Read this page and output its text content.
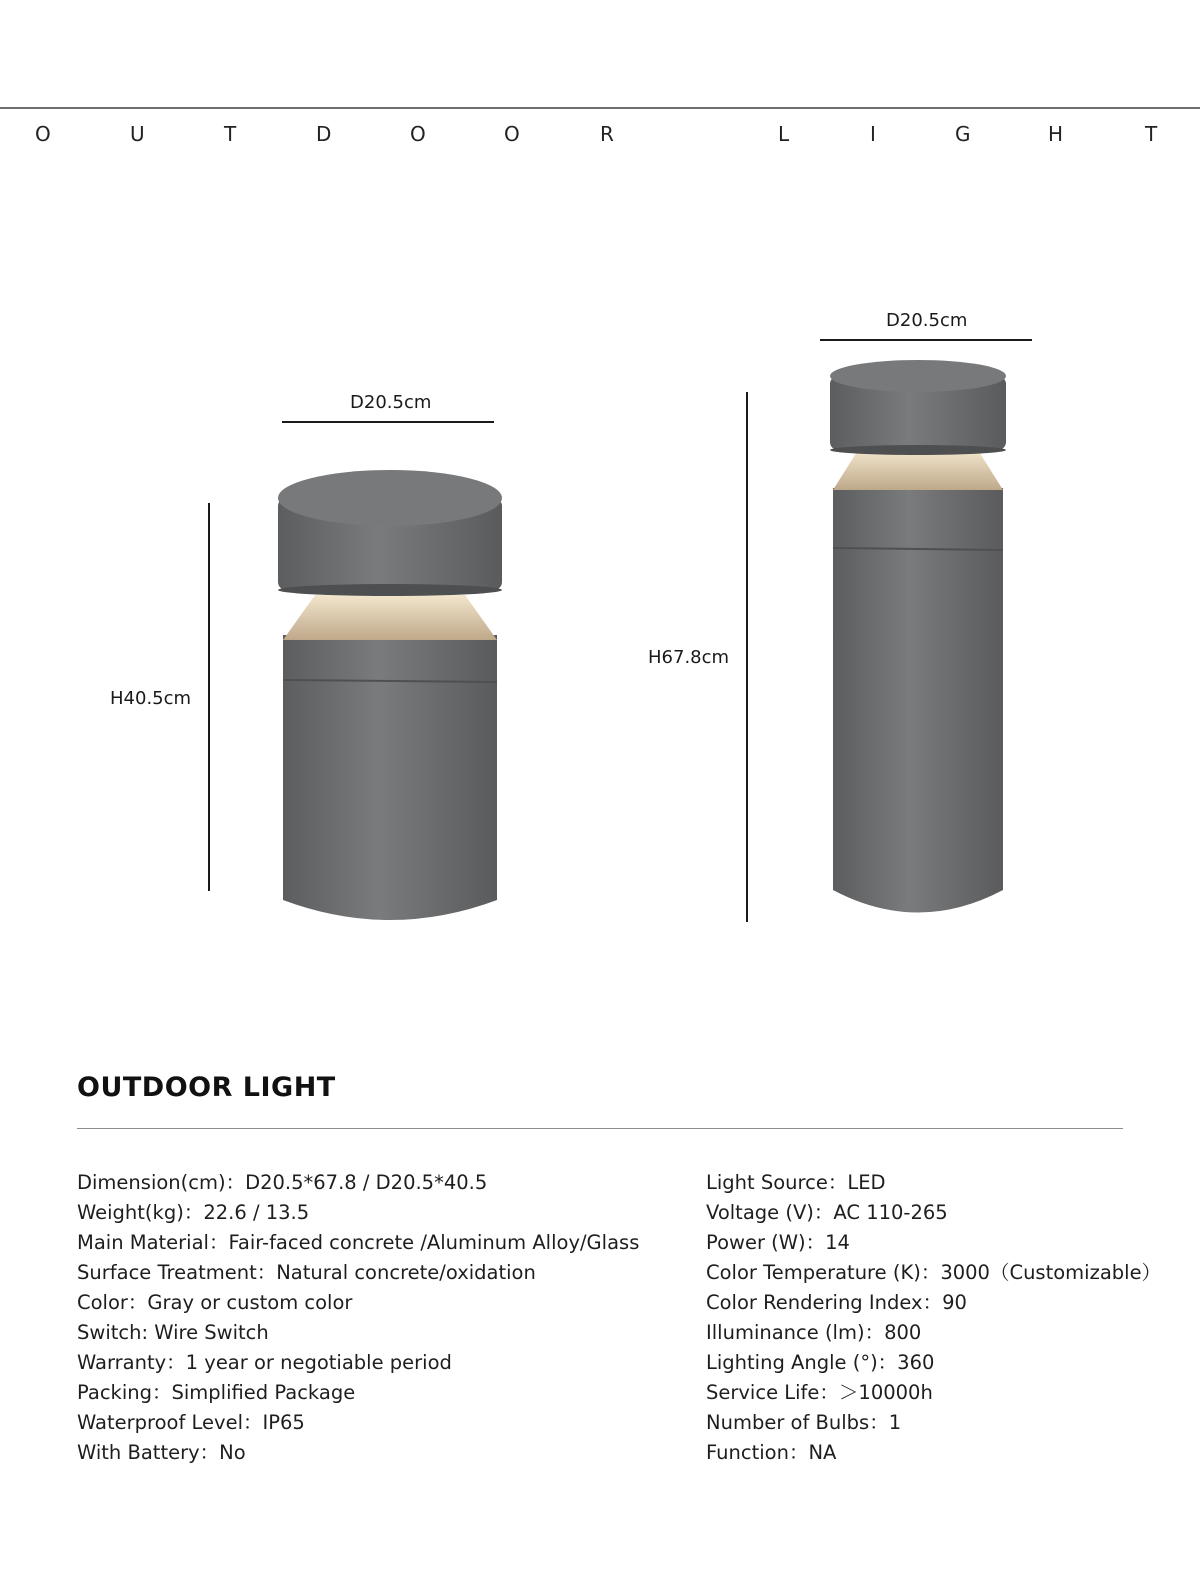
O	U	T	D	O	O	R	L	I	G	H	T
D20.5cm
H40.5cm
D20.5cm
H67.8cm
OUTDOOR LIGHT
Dimension(cm)：D20.5*67.8 / D20.5*40.5
Weight(kg)：22.6 / 13.5
Main Material：Fair-faced concrete /Aluminum Alloy/Glass
Surface Treatment：Natural concrete/oxidation
Color：Gray or custom color
Switch: Wire Switch
Warranty：1 year or negotiable period
Packing：Simplified Package
Waterproof Level：IP65
With Battery：No
Light Source：LED
Voltage (V)：AC 110-265
Power (W)：14
Color Temperature (K)：3000（Customizable）
Color Rendering Index：90
Illuminance (lm)：800
Lighting Angle (°)：360
Service Life：＞10000h
Number of Bulbs：1
Function：NA
